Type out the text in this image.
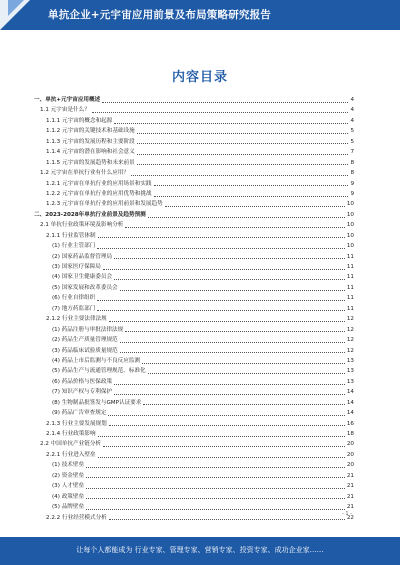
单抗企业+元宇宙应用前景及布局策略研究报告
内容目录
一、单抗+元宇宙应用概述	4
1.1 元宇宙是什么？	4
1.1.1 元宇宙的概念和起源	4
1.1.2 元宇宙的关键技术和基础设施	5
1.1.3 元宇宙的发展历程和主要阶段	5
1.1.4 元宇宙的潜在影响和社会意义	7
1.1.5 元宇宙的发展趋势和未来前景	8
1.2 元宇宙在单抗行业有什么应用？	8
1.2.1 元宇宙在单抗行业的应用场景和实践	9
1.2.2 元宇宙在单抗行业的应用优势和挑战	9
1.2.3 元宇宙在单抗行业的应用前景和发展趋势	10
二、2023-2028年单抗行业前景及趋势预测	10
2.1 单抗行业政策环境及影响分析	10
2.1.1 行业监管体制	10
(1) 行业主管部门	10
(2) 国家药品监督管理局	11
(3) 国家医疗保障局	11
(4) 国家卫生健康委员会	11
(5) 国家发展和改革委员会	11
(6) 行业自律组织	11
(7) 地方药监部门	11
2.1.2 行业主要法律法规	12
(1) 药品注册与审批法律法规	12
(2) 药品生产质量管理规范	12
(3) 药品临床试验质量规范	12
(4) 药品上市后监测与不良反应监测	13
(5) 药品生产与流通管理规范、标准化	13
(6) 药品价格与医保政策	13
(7) 知识产权与专利保护	14
(8) 生物制品批签发与GMP认证要求	14
(9) 药品广告审查规定	14
2.1.3 行业主要发展规划	16
2.1.4 行业政策影响	18
2.2 中国单抗产业链分析	20
2.2.1 行业进入壁垒	20
(1) 技术壁垒	20
(2) 资金壁垒	21
(3) 人才壁垒	21
(4) 政策壁垒	21
(5) 品牌壁垒	21
2.2.2 行业经营模式分析	22
- 1 -
让每个人都能成为 行业专家、管理专家、营销专家、投资专家、成功企业家……
